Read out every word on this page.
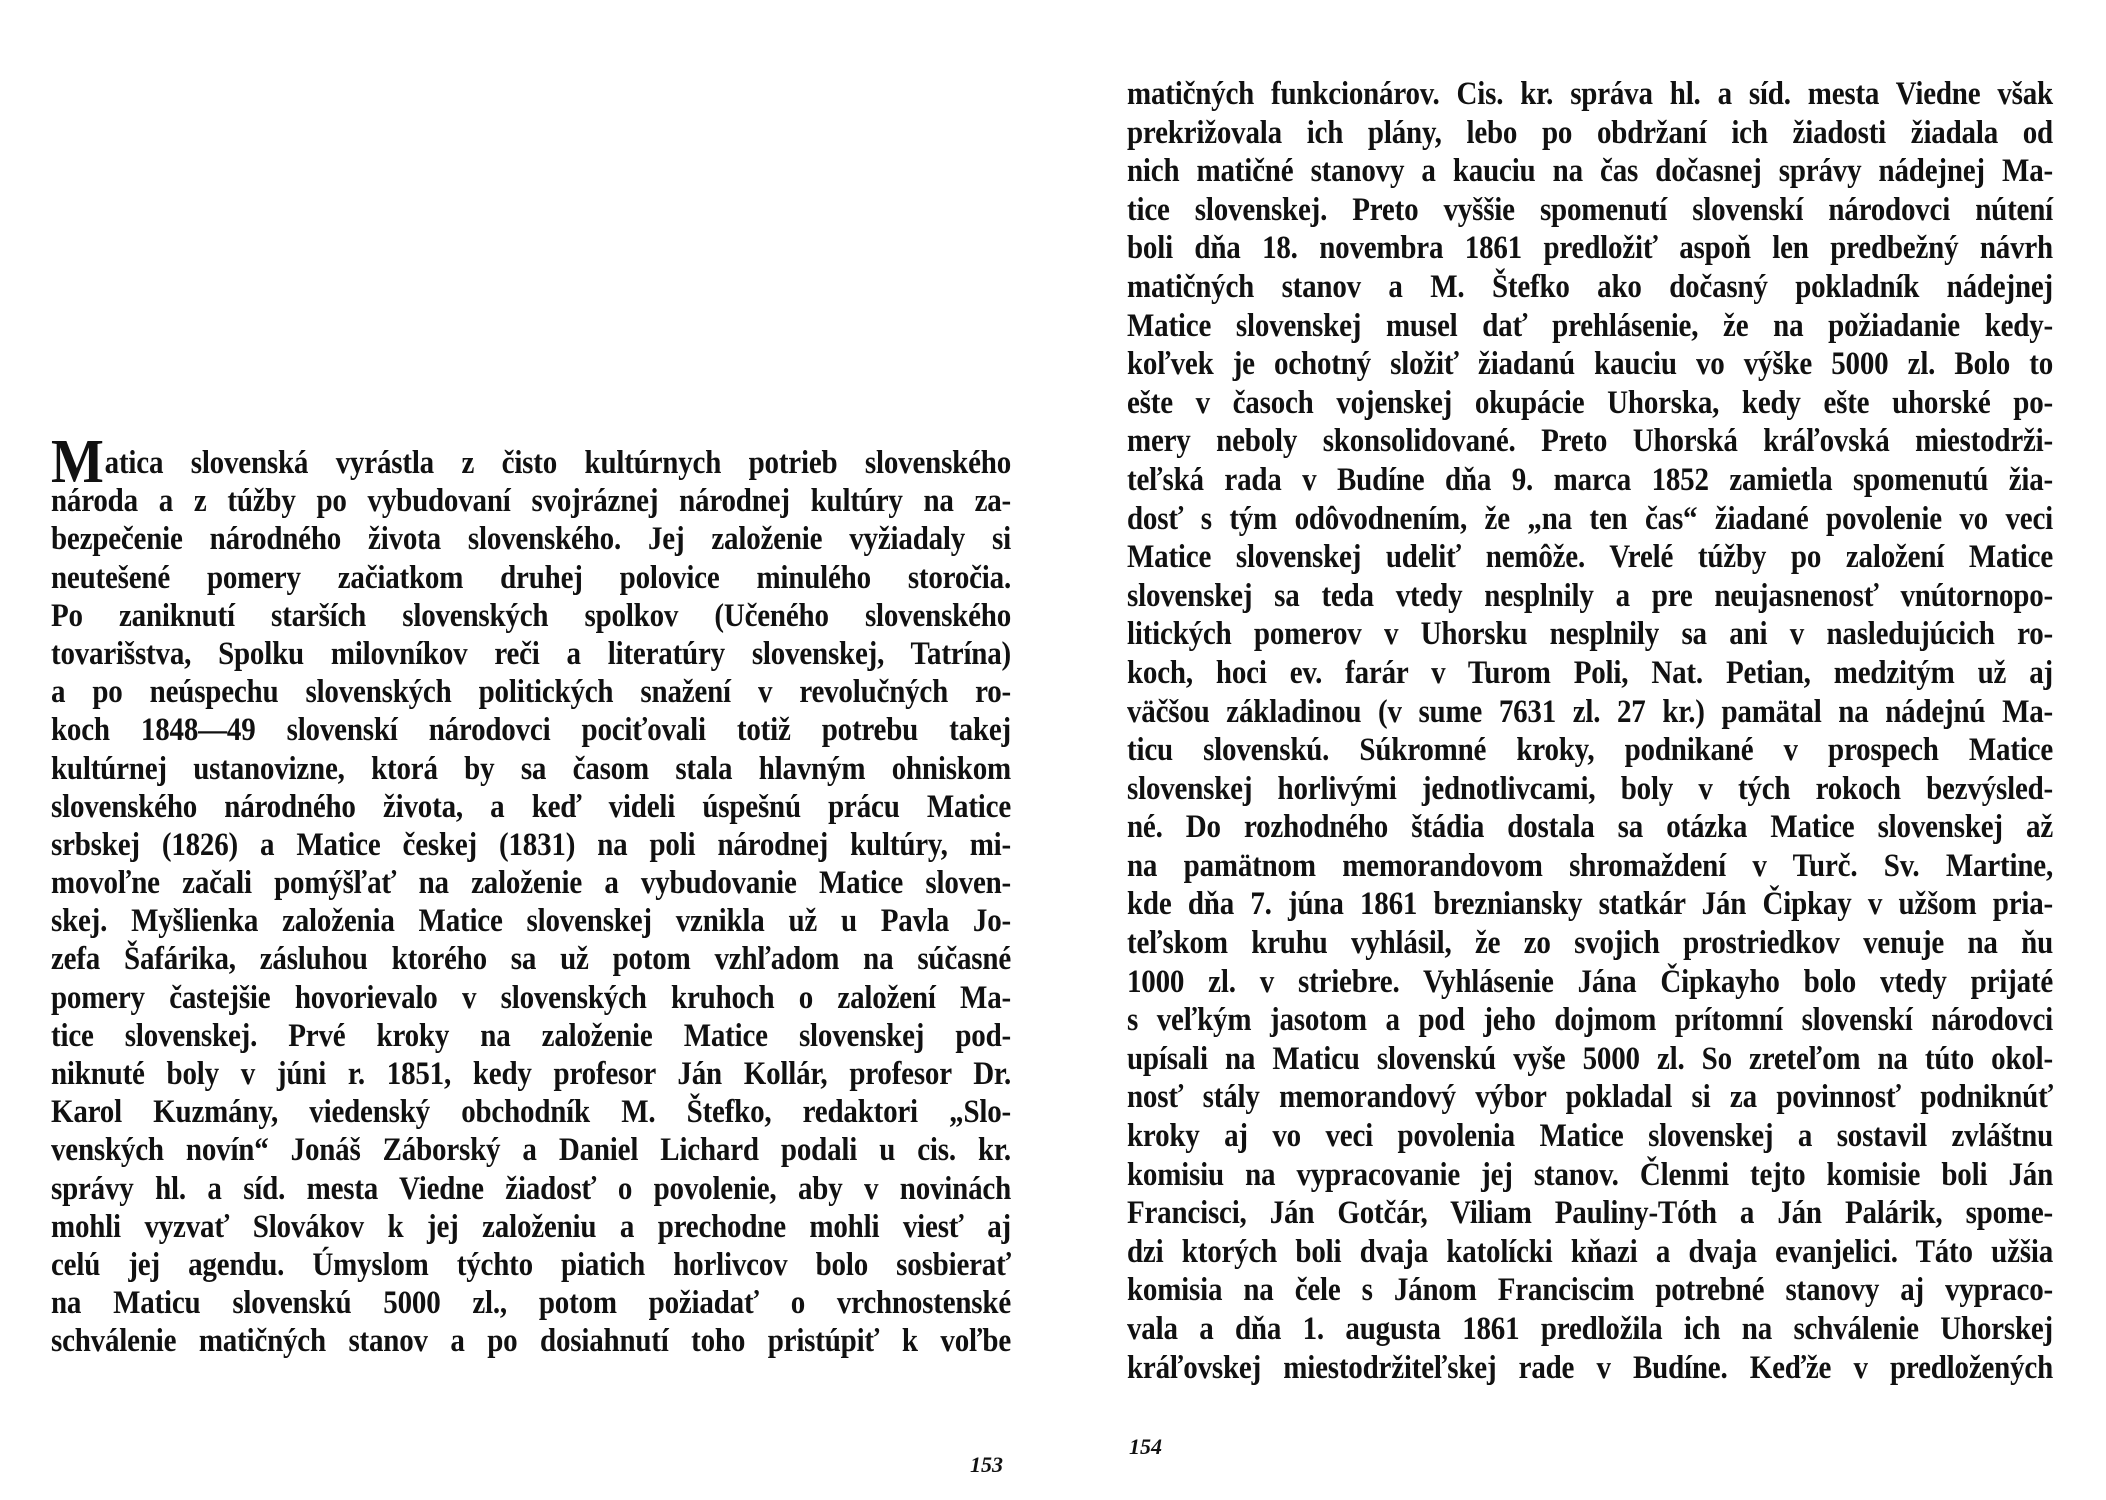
M atica slovenská vyrástla z čisto kultúrnych potrieb slovenského
národa a z túžby po vybudovaní svojráznej národnej kultúry na za-
bezpečenie národného života slovenského. Jej založenie vyžiadaly si
neutešené pomery začiatkom druhej polovice minulého storočia.
Po zaniknutí starších slovenských spolkov (Učeného slovenského
tovarišstva, Spolku milovníkov reči a literatúry slovenskej, Tatrína)
a po neúspechu slovenských politických snažení v revolučných ro-
koch 1848—49 slovenskí národovci pociťovali totiž potrebu takej
kultúrnej ustanovizne, ktorá by sa časom stala hlavným ohniskom
slovenského národného života, a keď videli úspešnú prácu Matice
srbskej (1826) a Matice českej (1831) na poli národnej kultúry, mi-
movoľne začali pomýšľať na založenie a vybudovanie Matice sloven-
skej. Myšlienka založenia Matice slovenskej vznikla už u Pavla Jo-
zefa Šafárika, zásluhou ktorého sa už potom vzhľadom na súčasné
pomery častejšie hovorievalo v slovenských kruhoch o založení Ma-
tice slovenskej. Prvé kroky na založenie Matice slovenskej pod-
niknuté boly v júni r. 1851, kedy profesor Ján Kollár, profesor Dr.
Karol Kuzmány, viedenský obchodník M. Štefko, redaktori „Slo-
venských novín“ Jonáš Záborský a Daniel Lichard podali u cis. kr.
správy hl. a síd. mesta Viedne žiadosť o povolenie, aby v novinách
mohli vyzvať Slovákov k jej založeniu a prechodne mohli viesť aj
celú jej agendu. Úmyslom týchto piatich horlivcov bolo sosbierať
na Maticu slovenskú 5000 zl., potom požiadať o vrchnostenské
schválenie matičných stanov a po dosiahnutí toho pristúpiť k voľbe
153
matičných funkcionárov. Cis. kr. správa hl. a síd. mesta Viedne však
prekrižovala ich plány, lebo po obdržaní ich žiadosti žiadala od
nich matičné stanovy a kauciu na čas dočasnej správy nádejnej Ma-
tice slovenskej. Preto vyššie spomenutí slovenskí národovci nútení
boli dňa 18. novembra 1861 predložiť aspoň len predbežný návrh
matičných stanov a M. Štefko ako dočasný pokladník nádejnej
Matice slovenskej musel dať prehlásenie, že na požiadanie kedy-
koľvek je ochotný složiť žiadanú kauciu vo výške 5000 zl. Bolo to
ešte v časoch vojenskej okupácie Uhorska, kedy ešte uhorské po-
mery neboly skonsolidované. Preto Uhorská kráľovská miestodrži-
teľská rada v Budíne dňa 9. marca 1852 zamietla spomenutú žia-
dosť s tým odôvodnením, že „na ten čas“ žiadané povolenie vo veci
Matice slovenskej udeliť nemôže. Vrelé túžby po založení Matice
slovenskej sa teda vtedy nesplnily a pre neujasnenosť vnútornopo-
litických pomerov v Uhorsku nesplnily sa ani v nasledujúcich ro-
koch, hoci ev. farár v Turom Poli, Nat. Petian, medzitým už aj
väčšou základinou (v sume 7631 zl. 27 kr.) pamätal na nádejnú Ma-
ticu slovenskú. Súkromné kroky, podnikané v prospech Matice
slovenskej horlivými jednotlivcami, boly v tých rokoch bezvýsled-
né. Do rozhodného štádia dostala sa otázka Matice slovenskej až
na pamätnom memorandovom shromaždení v Turč. Sv. Martine,
kde dňa 7. júna 1861 brezniansky statkár Ján Čipkay v užšom pria-
teľskom kruhu vyhlásil, že zo svojich prostriedkov venuje na ňu
1000 zl. v striebre. Vyhlásenie Jána Čipkayho bolo vtedy prijaté
s veľkým jasotom a pod jeho dojmom prítomní slovenskí národovci
upísali na Maticu slovenskú vyše 5000 zl. So zreteľom na túto okol-
nosť stály memorandový výbor pokladal si za povinnosť podniknúť
kroky aj vo veci povolenia Matice slovenskej a sostavil zvláštnu
komisiu na vypracovanie jej stanov. Členmi tejto komisie boli Ján
Francisci, Ján Gotčár, Viliam Pauliny-Tóth a Ján Palárik, spome-
dzi ktorých boli dvaja katolícki kňazi a dvaja evanjelici. Táto užšia
komisia na čele s Jánom Franciscim potrebné stanovy aj vypraco-
vala a dňa 1. augusta 1861 predložila ich na schválenie Uhorskej
kráľovskej miestodržiteľskej rade v Budíne. Keďže v predložených
154
